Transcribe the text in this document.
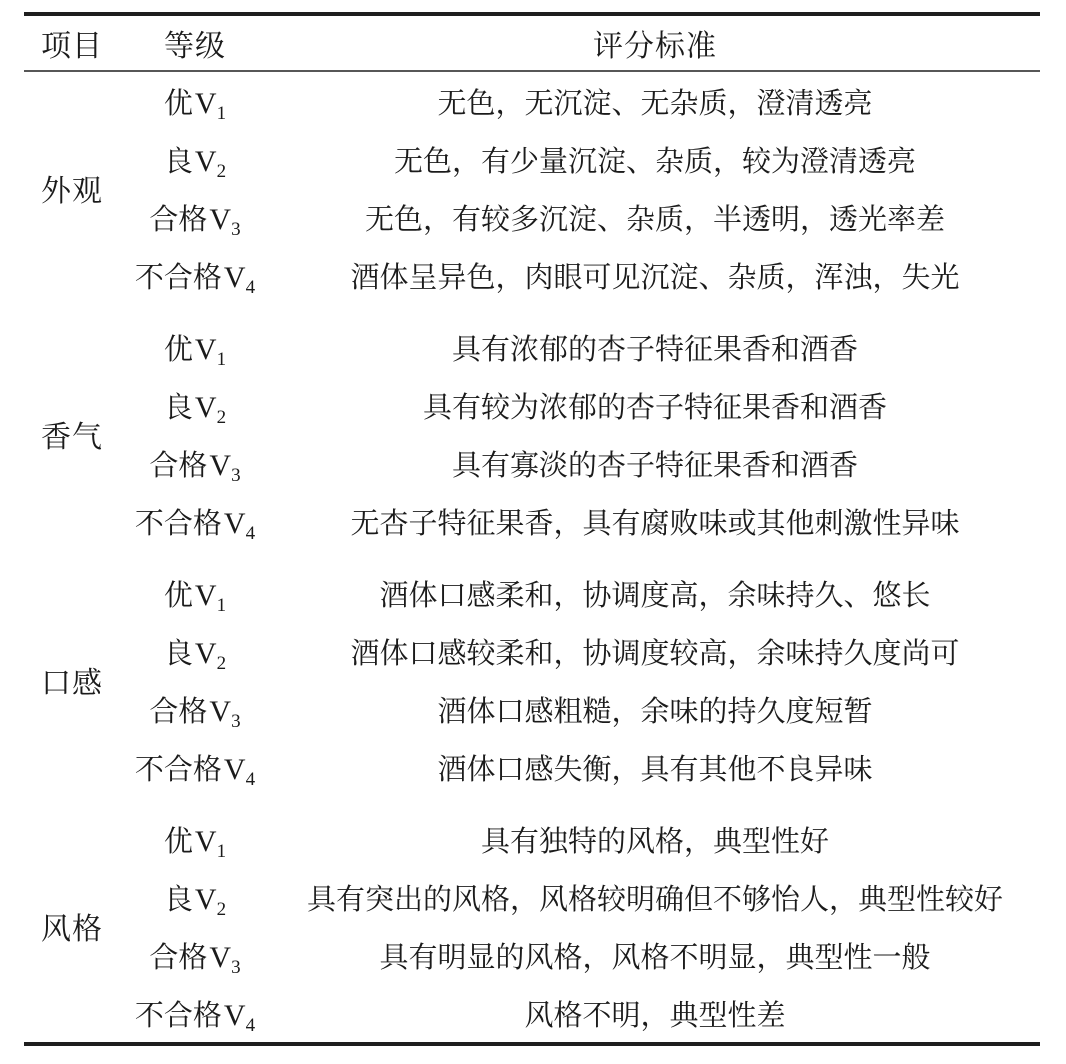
项目	等级	评分标准
外观	优$V_1$	无色，无沉淀、无杂质，澄清透亮
	良$V_2$	无色，有少量沉淀、杂质，较为澄清透亮
	合格$V_3$	无色，有较多沉淀、杂质，半透明，透光率差
	不合格$V_4$	酒体呈异色，肉眼可见沉淀、杂质，浑浊，失光
香气	优$V_1$	具有浓郁的杏子特征果香和酒香
	良$V_2$	具有较为浓郁的杏子特征果香和酒香
	合格$V_3$	具有寡淡的杏子特征果香和酒香
	不合格$V_4$	无杏子特征果香，具有腐败味或其他刺激性异味
口感	优$V_1$	酒体口感柔和，协调度高，余味持久、悠长
	良$V_2$	酒体口感较柔和，协调度较高，余味持久度尚可
	合格$V_3$	酒体口感粗糙，余味的持久度短暂
	不合格$V_4$	酒体口感失衡，具有其他不良异味
风格	优$V_1$	具有独特的风格，典型性好
	良$V_2$	具有突出的风格，风格较明确但不够怡人，典型性较好
	合格$V_3$	具有明显的风格，风格不明显，典型性一般
	不合格$V_4$	风格不明，典型性差
